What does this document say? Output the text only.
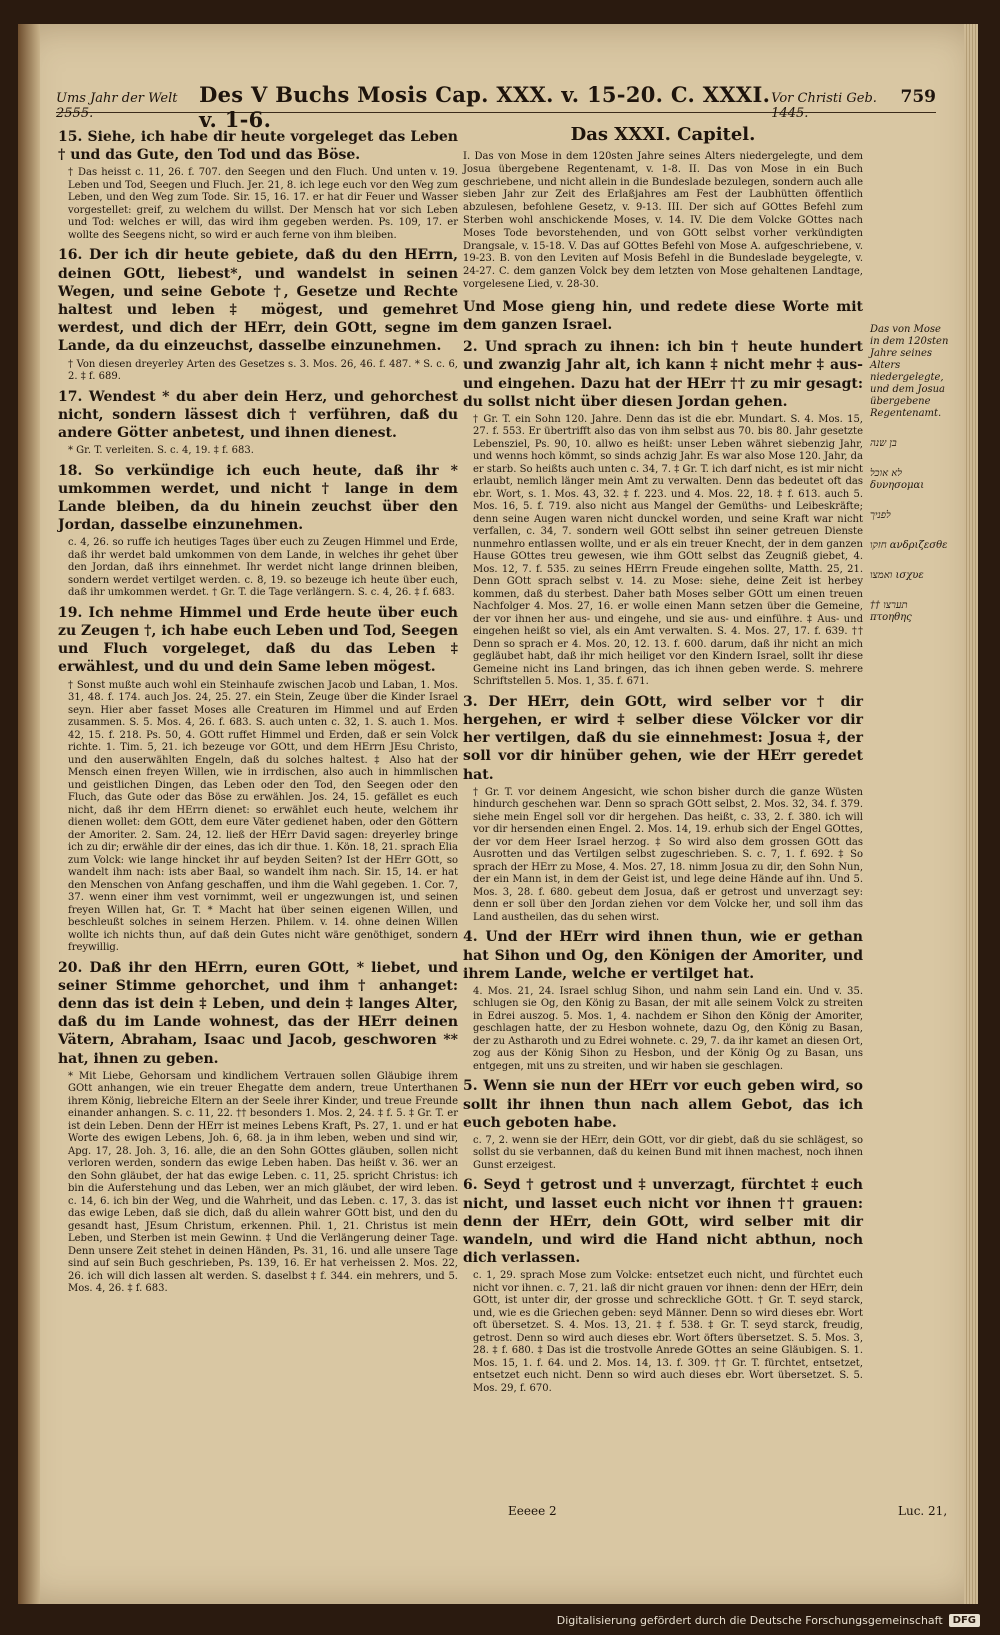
Ums Jahr der Welt 2555.
Des V Buchs Mosis Cap. XXX. v. 15-20. C. XXXI. v. 1-6.
Vor Christi Geb. 1445.
759
15. Siehe, ich habe dir heute vorgeleget das Leben † und das Gute, den Tod und das Böse.
† Das heisst c. 11, 26. f. 707. den Seegen und den Fluch. Und unten v. 19. Leben und Tod, Seegen und Fluch. Jer. 21, 8. ich lege euch vor den Weg zum Leben, und den Weg zum Tode. Sir. 15, 16. 17. er hat dir Feuer und Wasser vorgestellet: greif, zu welchem du willst. Der Mensch hat vor sich Leben und Tod: welches er will, das wird ihm gegeben werden. Ps. 109, 17. er wollte des Seegens nicht, so wird er auch ferne von ihm bleiben.
16. Der ich dir heute gebiete, daß du den HErrn, deinen GOtt, liebest*, und wandelst in seinen Wegen, und seine Gebote †, Gesetze und Rechte haltest und leben ‡ mögest, und gemehret werdest, und dich der HErr, dein GOtt, segne im Lande, da du einzeuchst, dasselbe einzunehmen.
† Von diesen dreyerley Arten des Gesetzes s. 3. Mos. 26, 46. f. 487. * S. c. 6, 2. ‡ f. 689.
17. Wendest * du aber dein Herz, und gehorchest nicht, sondern lässest dich † verführen, daß du andere Götter anbetest, und ihnen dienest.
* Gr. T. verleiten. S. c. 4, 19. ‡ f. 683.
18. So verkündige ich euch heute, daß ihr * umkommen werdet, und nicht † lange in dem Lande bleiben, da du hinein zeuchst über den Jordan, dasselbe einzunehmen.
c. 4, 26. so ruffe ich heutiges Tages über euch zu Zeugen Himmel und Erde, daß ihr werdet bald umkommen von dem Lande, in welches ihr gehet über den Jordan, daß ihrs einnehmet. Ihr werdet nicht lange drinnen bleiben, sondern werdet vertilget werden. c. 8, 19. so bezeuge ich heute über euch, daß ihr umkommen werdet. † Gr. T. die Tage verlängern. S. c. 4, 26. ‡ f. 683.
19. Ich nehme Himmel und Erde heute über euch zu Zeugen †, ich habe euch Leben und Tod, Seegen und Fluch vorgeleget, daß du das Leben ‡ erwählest, und du und dein Same leben mögest.
† Sonst mußte auch wohl ein Steinhaufe zwischen Jacob und Laban, 1. Mos. 31, 48. f. 174. auch Jos. 24, 25. 27. ein Stein, Zeuge über die Kinder Israel seyn. Hier aber fasset Moses alle Creaturen im Himmel und auf Erden zusammen. S. 5. Mos. 4, 26. f. 683. S. auch unten c. 32, 1. S. auch 1. Mos. 42, 15. f. 218. Ps. 50, 4. GOtt ruffet Himmel und Erden, daß er sein Volck richte. 1. Tim. 5, 21. ich bezeuge vor GOtt, und dem HErrn JEsu Christo, und den auserwählten Engeln, daß du solches haltest. ‡ Also hat der Mensch einen freyen Willen, wie in irrdischen, also auch in himmlischen und geistlichen Dingen, das Leben oder den Tod, den Seegen oder den Fluch, das Gute oder das Böse zu erwählen. Jos. 24, 15. gefället es euch nicht, daß ihr dem HErrn dienet: so erwählet euch heute, welchem ihr dienen wollet: dem GOtt, dem eure Väter gedienet haben, oder den Göttern der Amoriter. 2. Sam. 24, 12. ließ der HErr David sagen: dreyerley bringe ich zu dir; erwähle dir der eines, das ich dir thue. 1. Kön. 18, 21. sprach Elia zum Volck: wie lange hincket ihr auf beyden Seiten? Ist der HErr GOtt, so wandelt ihm nach: ists aber Baal, so wandelt ihm nach. Sir. 15, 14. er hat den Menschen von Anfang geschaffen, und ihm die Wahl gegeben. 1. Cor. 7, 37. wenn einer ihm vest vornimmt, weil er ungezwungen ist, und seinen freyen Willen hat, Gr. T. * Macht hat über seinen eigenen Willen, und beschleußt solches in seinem Herzen. Philem. v. 14. ohne deinen Willen wollte ich nichts thun, auf daß dein Gutes nicht wäre genöthiget, sondern freywillig.
20. Daß ihr den HErrn, euren GOtt, * liebet, und seiner Stimme gehorchet, und ihm † anhanget: denn das ist dein ‡ Leben, und dein ‡ langes Alter, daß du im Lande wohnest, das der HErr deinen Vätern, Abraham, Isaac und Jacob, geschworen ** hat, ihnen zu geben.
* Mit Liebe, Gehorsam und kindlichem Vertrauen sollen Gläubige ihrem GOtt anhangen, wie ein treuer Ehegatte dem andern, treue Unterthanen ihrem König, liebreiche Eltern an der Seele ihrer Kinder, und treue Freunde einander anhangen. S. c. 11, 22. †† besonders 1. Mos. 2, 24. ‡ f. 5. ‡ Gr. T. er ist dein Leben. Denn der HErr ist meines Lebens Kraft, Ps. 27, 1. und er hat Worte des ewigen Lebens, Joh. 6, 68. ja in ihm leben, weben und sind wir, Apg. 17, 28. Joh. 3, 16. alle, die an den Sohn GOttes gläuben, sollen nicht verloren werden, sondern das ewige Leben haben. Das heißt v. 36. wer an den Sohn gläubet, der hat das ewige Leben. c. 11, 25. spricht Christus: ich bin die Auferstehung und das Leben, wer an mich gläubet, der wird leben. c. 14, 6. ich bin der Weg, und die Wahrheit, und das Leben. c. 17, 3. das ist das ewige Leben, daß sie dich, daß du allein wahrer GOtt bist, und den du gesandt hast, JEsum Christum, erkennen. Phil. 1, 21. Christus ist mein Leben, und Sterben ist mein Gewinn. ‡ Und die Verlängerung deiner Tage. Denn unsere Zeit stehet in deinen Händen, Ps. 31, 16. und alle unsere Tage sind auf sein Buch geschrieben, Ps. 139, 16. Er hat verheissen 2. Mos. 22, 26. ich will dich lassen alt werden. S. daselbst ‡ f. 344. ein mehrers, und 5. Mos. 4, 26. ‡ f. 683.
Das XXXI. Capitel.
I. Das von Mose in dem 120sten Jahre seines Alters niedergelegte, und dem Josua übergebene Regentenamt, v. 1-8. II. Das von Mose in ein Buch geschriebene, und nicht allein in die Bundeslade bezulegen, sondern auch alle sieben Jahr zur Zeit des Erlaßjahres am Fest der Laubhütten öffentlich abzulesen, befohlene Gesetz, v. 9-13. III. Der sich auf GOttes Befehl zum Sterben wohl anschickende Moses, v. 14. IV. Die dem Volcke GOttes nach Moses Tode bevorstehenden, und von GOtt selbst vorher verkündigten Drangsale, v. 15-18. V. Das auf GOttes Befehl von Mose A. aufgeschriebene, v. 19-23. B. von den Leviten auf Mosis Befehl in die Bundeslade beygelegte, v. 24-27. C. dem ganzen Volck bey dem letzten von Mose gehaltenen Landtage, vorgelesene Lied, v. 28-30.
Und Mose gieng hin, und redete diese Worte mit dem ganzen Israel.
2. Und sprach zu ihnen: ich bin † heute hundert und zwanzig Jahr alt, ich kann ‡ nicht mehr ‡ aus- und eingehen. Dazu hat der HErr †† zu mir gesagt: du sollst nicht über diesen Jordan gehen.
† Gr. T. ein Sohn 120. Jahre. Denn das ist die ebr. Mundart. S. 4. Mos. 15, 27. f. 553. Er übertrifft also das von ihm selbst aus 70. bis 80. Jahr gesetzte Lebensziel, Ps. 90, 10. allwo es heißt: unser Leben währet siebenzig Jahr, und wenns hoch kömmt, so sinds achzig Jahr. Es war also Mose 120. Jahr, da er starb. So heißts auch unten c. 34, 7. ‡ Gr. T. ich darf nicht, es ist mir nicht erlaubt, nemlich länger mein Amt zu verwalten. Denn das bedeutet oft das ebr. Wort, s. 1. Mos. 43, 32. ‡ f. 223. und 4. Mos. 22, 18. ‡ f. 613. auch 5. Mos. 16, 5. f. 719. also nicht aus Mangel der Gemüths- und Leibeskräfte; denn seine Augen waren nicht dunckel worden, und seine Kraft war nicht verfallen, c. 34, 7. sondern weil GOtt selbst ihn seiner getreuen Dienste nunmehro entlassen wollte, und er als ein treuer Knecht, der in dem ganzen Hause GOttes treu gewesen, wie ihm GOtt selbst das Zeugniß giebet, 4. Mos. 12, 7. f. 535. zu seines HErrn Freude eingehen sollte, Matth. 25, 21. Denn GOtt sprach selbst v. 14. zu Mose: siehe, deine Zeit ist herbey kommen, daß du sterbest. Daher bath Moses selber GOtt um einen treuen Nachfolger 4. Mos. 27, 16. er wolle einen Mann setzen über die Gemeine, der vor ihnen her aus- und eingehe, und sie aus- und einführe. ‡ Aus- und eingehen heißt so viel, als ein Amt verwalten. S. 4. Mos. 27, 17. f. 639. †† Denn so sprach er 4. Mos. 20, 12. 13. f. 600. darum, daß ihr nicht an mich gegläubet habt, daß ihr mich heiliget vor den Kindern Israel, sollt ihr diese Gemeine nicht ins Land bringen, das ich ihnen geben werde. S. mehrere Schriftstellen 5. Mos. 1, 35. f. 671.
3. Der HErr, dein GOtt, wird selber vor † dir hergehen, er wird ‡ selber diese Völcker vor dir her vertilgen, daß du sie einnehmest: Josua ‡, der soll vor dir hinüber gehen, wie der HErr geredet hat.
† Gr. T. vor deinem Angesicht, wie schon bisher durch die ganze Wüsten hindurch geschehen war. Denn so sprach GOtt selbst, 2. Mos. 32, 34. f. 379. siehe mein Engel soll vor dir hergehen. Das heißt, c. 33, 2. f. 380. ich will vor dir hersenden einen Engel. 2. Mos. 14, 19. erhub sich der Engel GOttes, der vor dem Heer Israel herzog. ‡ So wird also dem grossen GOtt das Ausrotten und das Vertilgen selbst zugeschrieben. S. c. 7, 1. f. 692. ‡ So sprach der HErr zu Mose, 4. Mos. 27, 18. nimm Josua zu dir, den Sohn Nun, der ein Mann ist, in dem der Geist ist, und lege deine Hände auf ihn. Und 5. Mos. 3, 28. f. 680. gebeut dem Josua, daß er getrost und unverzagt sey: denn er soll über den Jordan ziehen vor dem Volcke her, und soll ihm das Land austheilen, das du sehen wirst.
4. Und der HErr wird ihnen thun, wie er gethan hat Sihon und Og, den Königen der Amoriter, und ihrem Lande, welche er vertilget hat.
4. Mos. 21, 24. Israel schlug Sihon, und nahm sein Land ein. Und v. 35. schlugen sie Og, den König zu Basan, der mit alle seinem Volck zu streiten in Edrei auszog. 5. Mos. 1, 4. nachdem er Sihon den König der Amoriter, geschlagen hatte, der zu Hesbon wohnete, dazu Og, den König zu Basan, der zu Astharoth und zu Edrei wohnete. c. 29, 7. da ihr kamet an diesen Ort, zog aus der König Sihon zu Hesbon, und der König Og zu Basan, uns entgegen, mit uns zu streiten, und wir haben sie geschlagen.
5. Wenn sie nun der HErr vor euch geben wird, so sollt ihr ihnen thun nach allem Gebot, das ich euch geboten habe.
c. 7, 2. wenn sie der HErr, dein GOtt, vor dir giebt, daß du sie schlägest, so sollst du sie verbannen, daß du keinen Bund mit ihnen machest, noch ihnen Gunst erzeigest.
6. Seyd † getrost und ‡ unverzagt, fürchtet ‡ euch nicht, und lasset euch nicht vor ihnen †† grauen: denn der HErr, dein GOtt, wird selber mit dir wandeln, und wird die Hand nicht abthun, noch dich verlassen.
c. 1, 29. sprach Mose zum Volcke: entsetzet euch nicht, und fürchtet euch nicht vor ihnen. c. 7, 21. laß dir nicht grauen vor ihnen: denn der HErr, dein GOtt, ist unter dir, der grosse und schreckliche GOtt. † Gr. T. seyd starck, und, wie es die Griechen geben: seyd Männer. Denn so wird dieses ebr. Wort oft übersetzet. S. 4. Mos. 13, 21. ‡ f. 538. ‡ Gr. T. seyd starck, freudig, getrost. Denn so wird auch dieses ebr. Wort öfters übersetzet. S. 5. Mos. 3, 28. ‡ f. 680. ‡ Das ist die trostvolle Anrede GOttes an seine Gläubigen. S. 1. Mos. 15, 1. f. 64. und 2. Mos. 14, 13. f. 309. †† Gr. T. fürchtet, entsetzet, entsetzet euch nicht. Denn so wird auch dieses ebr. Wort übersetzet. S. 5. Mos. 29, f. 670.
Das von Mose in dem 120sten Jahre seines Alters niedergelegte, und dem Josua übergebene Regentenamt.
בן שנה
לא אוכל δυνησομαι
לפניך
חזקו ανδριζεσθε
ואמצו ισχυε
†† תערצו πτοηθης
Eeeee 2	Luc. 21,
Digitalisierung gefördert durch die Deutsche Forschungsgemeinschaft	DFG
